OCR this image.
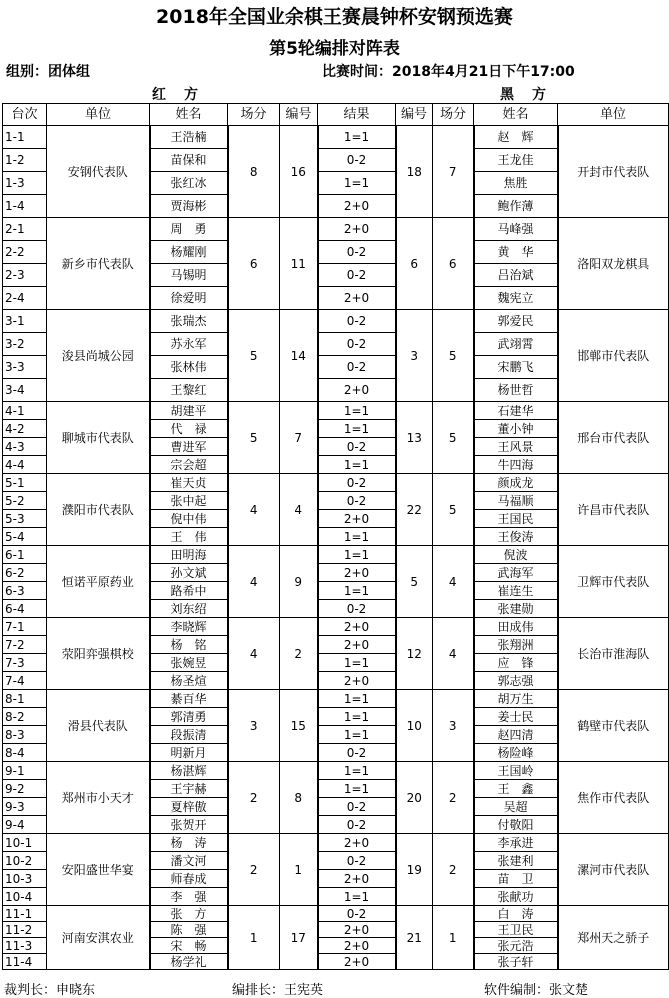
2018年全国业余棋王赛晨钟杯安钢预选赛
第5轮编排对阵表
组别：团体组	比赛时间：2018年4月21日下午17:00
红方	黑方
台次	单位	姓名	场分	编号	结果	编号	场分	姓名	单位
1-1	安钢代表队	王浩楠	8	16	1=1	18	7	赵　辉	开封市代表队
1-2		苗保和			0-2			王龙佳	
1-3		张红冰			1=1			焦胜	
1-4		贾海彬			2+0			鲍作薄	
2-1	新乡市代表队	周　勇	6	11	2+0	6	6	马峰强	洛阳双龙棋具
2-2		杨耀刚			0-2			黄　华	
2-3		马锡明			0-2			吕治斌	
2-4		徐爱明			2+0			魏宪立	
3-1	浚县尚城公园	张瑞杰	5	14	0-2	3	5	郭爱民	邯郸市代表队
3-2		苏永军			0-2			武翊霄	
3-3		张林伟			0-2			宋鹏飞	
3-4		王黎红			2+0			杨世哲	
4-1	聊城市代表队	胡建平	5	7	1=1	13	5	石建华	邢台市代表队
4-2		代　禄			1=1			董小钟	
4-3		曹进军			0-2			王风景	
4-4		宗会超			1=1			牛四海	
5-1	濮阳市代表队	崔天贞	4	4	0-2	22	5	颜成龙	许昌市代表队
5-2		张中起			0-2			马福顺	
5-3		倪中伟			2+0			王国民	
5-4		王　伟			1=1			王俊涛	
6-1	恒诺平原药业	田明海	4	9	1=1	5	4	倪波	卫辉市代表队
6-2		孙文斌			2+0			武海军	
6-3		路希中			1=1			崔连生	
6-4		刘东绍			0-2			张建勋	
7-1	荥阳弈强棋校	李晓辉	4	2	2+0	12	4	田成伟	长治市淮海队
7-2		杨　铭			2+0			张翔洲	
7-3		张婉昱			1=1			应　锋	
7-4		杨圣煊			2+0			郭志强	
8-1	滑县代表队	綦百华	3	15	1=1	10	3	胡万生	鹤壁市代表队
8-2		郭清勇			1=1			姜士民	
8-3		段振清			1=1			赵四清	
8-4		明新月			0-2			杨险峰	
9-1	郑州市小天才	杨湛辉	2	8	1=1	20	2	王国岭	焦作市代表队
9-2		王宇赫			1=1			王　鑫	
9-3		夏梓傲			0-2			吴超	
9-4		张贺开			0-2			付敬阳	
10-1	安阳盛世华宴	杨　涛	2	1	2+0	19	2	李承进	漯河市代表队
10-2		潘文河			0-2			张建利	
10-3		师春成			2+0			苗　卫	
10-4		李　强			1=1			张献功	
11-1	河南安淇农业	张　方	1	17	0-2	21	1	白　涛	郑州天之骄子
11-2		陈　强			2+0			王卫民	
11-3		宋　畅			2+0			张元浩	
11-4		杨学礼			2+0			张子轩	
裁判长：申晓东	编排长：王宪英	软件编制：张文楚
